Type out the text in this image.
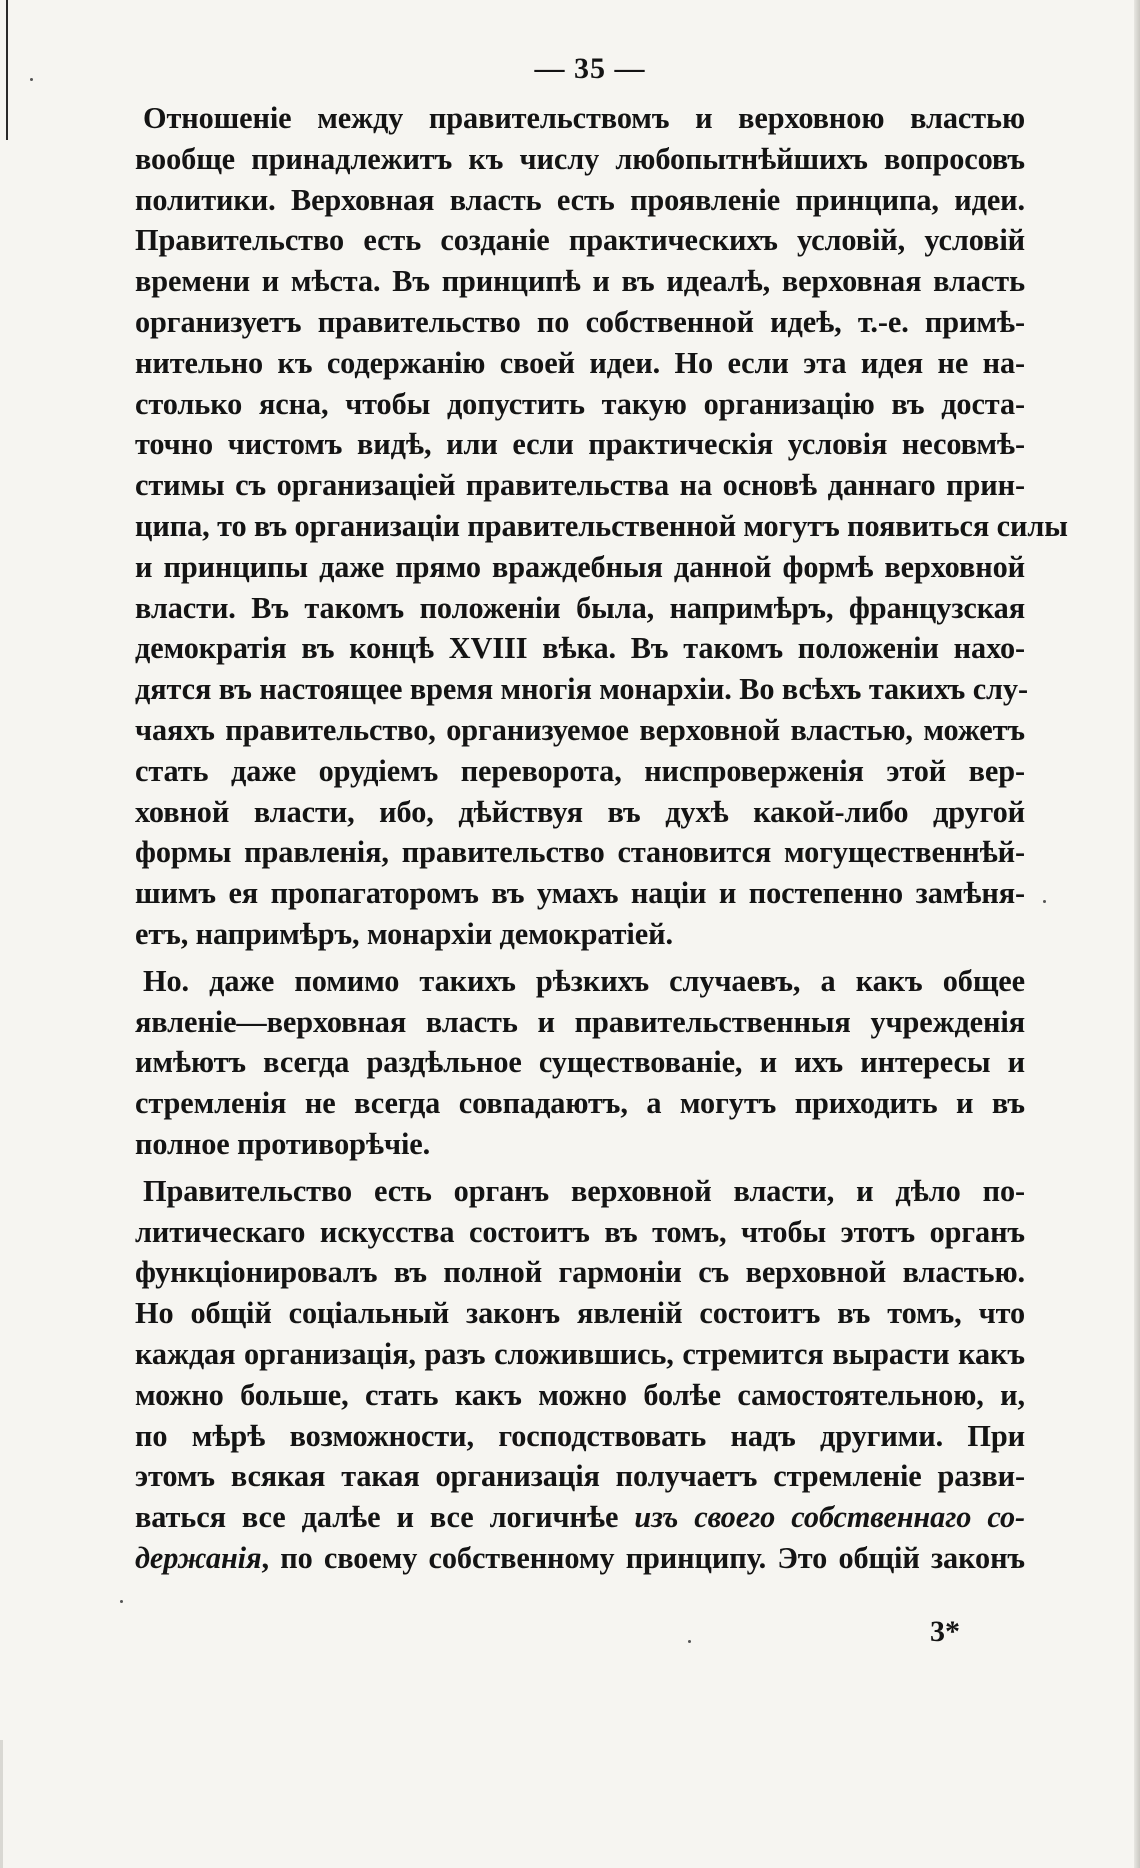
— 35 —

Отношеніе между правительствомъ и верховною властью
вообще принадлежитъ къ числу любопытнѣйшихъ вопросовъ
политики. Верховная власть есть проявленіе принципа, идеи.
Правительство есть созданіе практическихъ условій, условій
времени и мѣста. Въ принципѣ и въ идеалѣ, верховная власть
организуетъ правительство по собственной идеѣ, т.-е. примѣ-
нительно къ содержанію своей идеи. Но если эта идея не на-
столько ясна, чтобы допустить такую организацію въ доста-
точно чистомъ видѣ, или если практическія условія несовмѣ-
стимы съ организаціей правительства на основѣ даннаго прин-
ципа, то въ организаціи правительственной могутъ появиться силы
и принципы даже прямо враждебныя данной формѣ верховной
власти. Въ такомъ положеніи была, напримѣръ, французская
демократія въ концѣ XVIII вѣка. Въ такомъ положеніи нахо-
дятся въ настоящее время многія монархіи. Во всѣхъ такихъ слу-
чаяхъ правительство, организуемое верховной властью, можетъ
стать даже орудіемъ переворота, ниспроверженія этой вер-
ховной власти, ибо, дѣйствуя въ духѣ какой-либо другой
формы правленія, правительство становится могущественнѣй-
шимъ ея пропагаторомъ въ умахъ націи и постепенно замѣня-
етъ, напримѣръ, монархіи демократіей.

Но. даже помимо такихъ рѣзкихъ случаевъ, а какъ общее
явленіе—верховная власть и правительственныя учрежденія
имѣютъ всегда раздѣльное существованіе, и ихъ интересы и
стремленія не всегда совпадаютъ, а могутъ приходить и въ
полное противорѣчіе.

Правительство есть органъ верховной власти, и дѣло по-
литическаго искусства состоитъ въ томъ, чтобы этотъ органъ
функціонировалъ въ полной гармоніи съ верховной властью.
Но общій соціальный законъ явленій состоитъ въ томъ, что
каждая организація, разъ сложившись, стремится вырасти какъ
можно больше, стать какъ можно болѣе самостоятельною, и,
по мѣрѣ возможности, господствовать надъ другими. При
этомъ всякая такая организація получаетъ стремленіе разви-
ваться все далѣе и все логичнѣе изъ своего собственнаго со-
держанія, по своему собственному принципу. Это общій законъ

3*
